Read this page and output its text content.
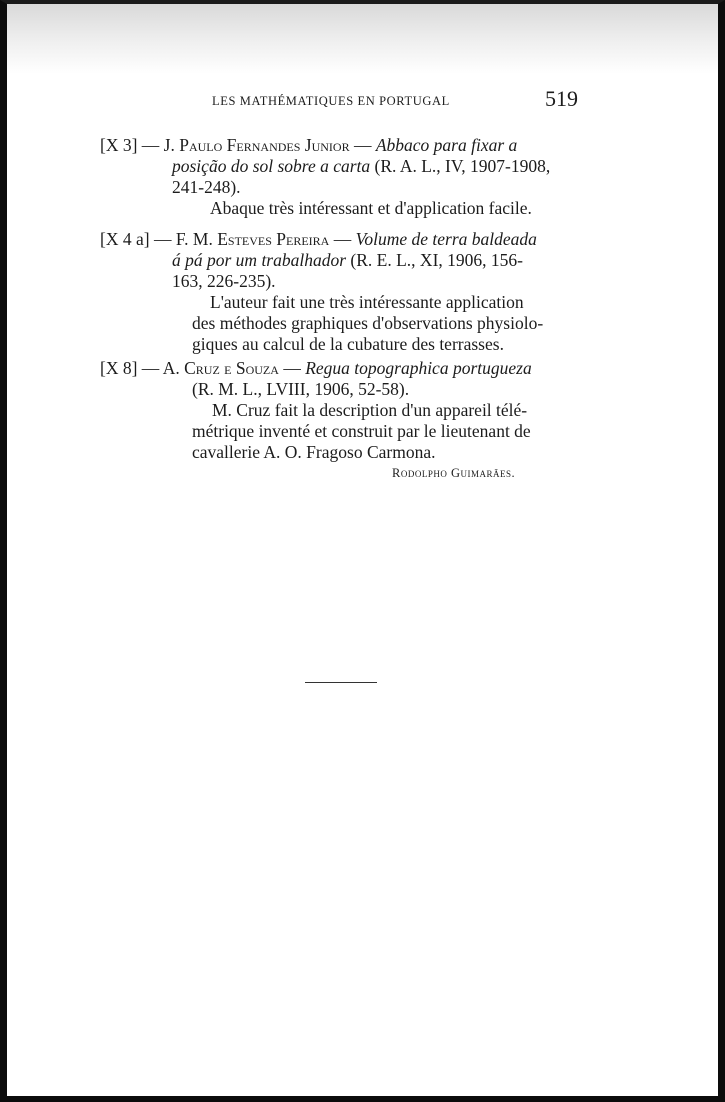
LES MATHÉMATIQUES EN PORTUGAL	519
[X 3] — J. Paulo Fernandes Junior — Abbaco para fixar a
posição do sol sobre a carta (R. A. L., IV, 1907-1908,
241-248).
Abaque très intéressant et d'application facile.
[X 4 a] — F. M. Esteves Pereira — Volume de terra baldeada
á pá por um trabalhador (R. E. L., XI, 1906, 156-
163, 226-235).
L'auteur fait une très intéressante application
des méthodes graphiques d'observations physiolo-
giques au calcul de la cubature des terrasses.
[X 8] — A. Cruz e Souza — Regua topographica portugueza
(R. M. L., LVIII, 1906, 52-58).
M. Cruz fait la description d'un appareil télé-
métrique inventé et construit par le lieutenant de
cavallerie A. O. Fragoso Carmona.
Rodolpho Guimarães.
